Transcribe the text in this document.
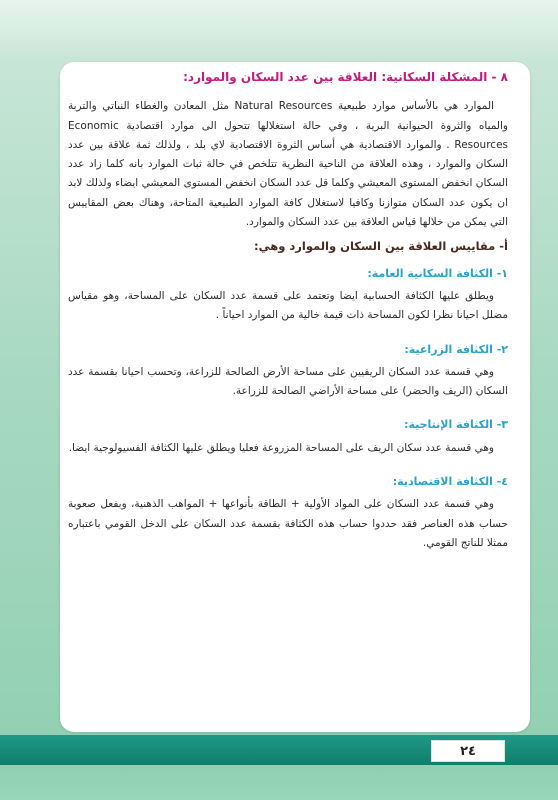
٨ - المشكلة السكانية: العلاقة بين عدد السكان والموارد:

الموارد هي بالأساس موارد طبيعية Natural Resources مثل المعادن والغطاء النباتي والتربة والمياه والثروة الحيوانية البرية ، وفي حالة استغلالها تتحول الى موارد اقتصادية Economic Resources . والموارد الاقتصادية هي أساس الثروة الاقتصادية لاي بلد ، ولذلك ثمة علاقة بين عدد السكان والموارد ، وهذه العلاقة من الناحية النظرية تتلخص في حالة ثبات الموارد بانه كلما زاد عدد السكان انخفض المستوى المعيشي وكلما قل عدد السكان انخفض المستوى المعيشي ايضاء ولذلك لابد ان يكون عدد السكان متوازنا وكافيا لاستغلال كافة الموارد الطبيعية المتاحة، وهناك بعض المقاييس التي يمكن من خلالها قياس العلاقة بين عدد السكان والموارد.

أ- مقاييس العلاقة بين السكان والموارد وهي:

١- الكثافة السكانية العامة:

ويطلق عليها الكثافة الحسابية ايضا وتعتمد على قسمة عدد السكان على المساحة، وهو مقياس مضلل احيانا نظرا لكون المساحة ذات قيمة خالية من الموارد احياناً .

٢- الكثافة الزراعية:

وهي قسمة عدد السكان الريفيين على مساحة الأرض الصالحة للزراعة، وتحسب احيانا بقسمة عدد السكان (الريف والحضر) على مساحة الأراضي الصالحة للزراعة.

٣- الكثافة الإنتاجية:

وهي قسمة عدد سكان الريف على المساحة المزروعة فعليا ويطلق عليها الكثافة الفسيولوجية ايضا.

٤- الكثافة الاقتصادية:

وهي قسمة عدد السكان على المواد الأولية + الطاقة بأنواعها + المواهب الذهنية، وبفعل صعوبة حساب هذه العناصر فقد حددوا حساب هذه الكثافة بقسمة عدد السكان على الدخل القومي باعتباره ممثلا للناتج القومي.

٢٤
